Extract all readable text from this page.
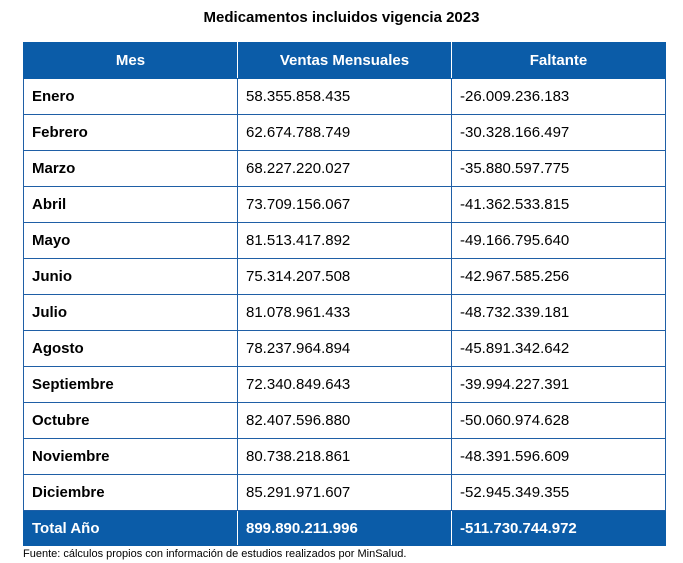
Medicamentos incluidos vigencia 2023
Mes	Ventas Mensuales	Faltante
Enero	58.355.858.435	-26.009.236.183
Febrero	62.674.788.749	-30.328.166.497
Marzo	68.227.220.027	-35.880.597.775
Abril	73.709.156.067	-41.362.533.815
Mayo	81.513.417.892	-49.166.795.640
Junio	75.314.207.508	-42.967.585.256
Julio	81.078.961.433	-48.732.339.181
Agosto	78.237.964.894	-45.891.342.642
Septiembre	72.340.849.643	-39.994.227.391
Octubre	82.407.596.880	-50.060.974.628
Noviembre	80.738.218.861	-48.391.596.609
Diciembre	85.291.971.607	-52.945.349.355
Total Año	899.890.211.996	-511.730.744.972
Fuente: cálculos propios con información de estudios realizados por MinSalud.
